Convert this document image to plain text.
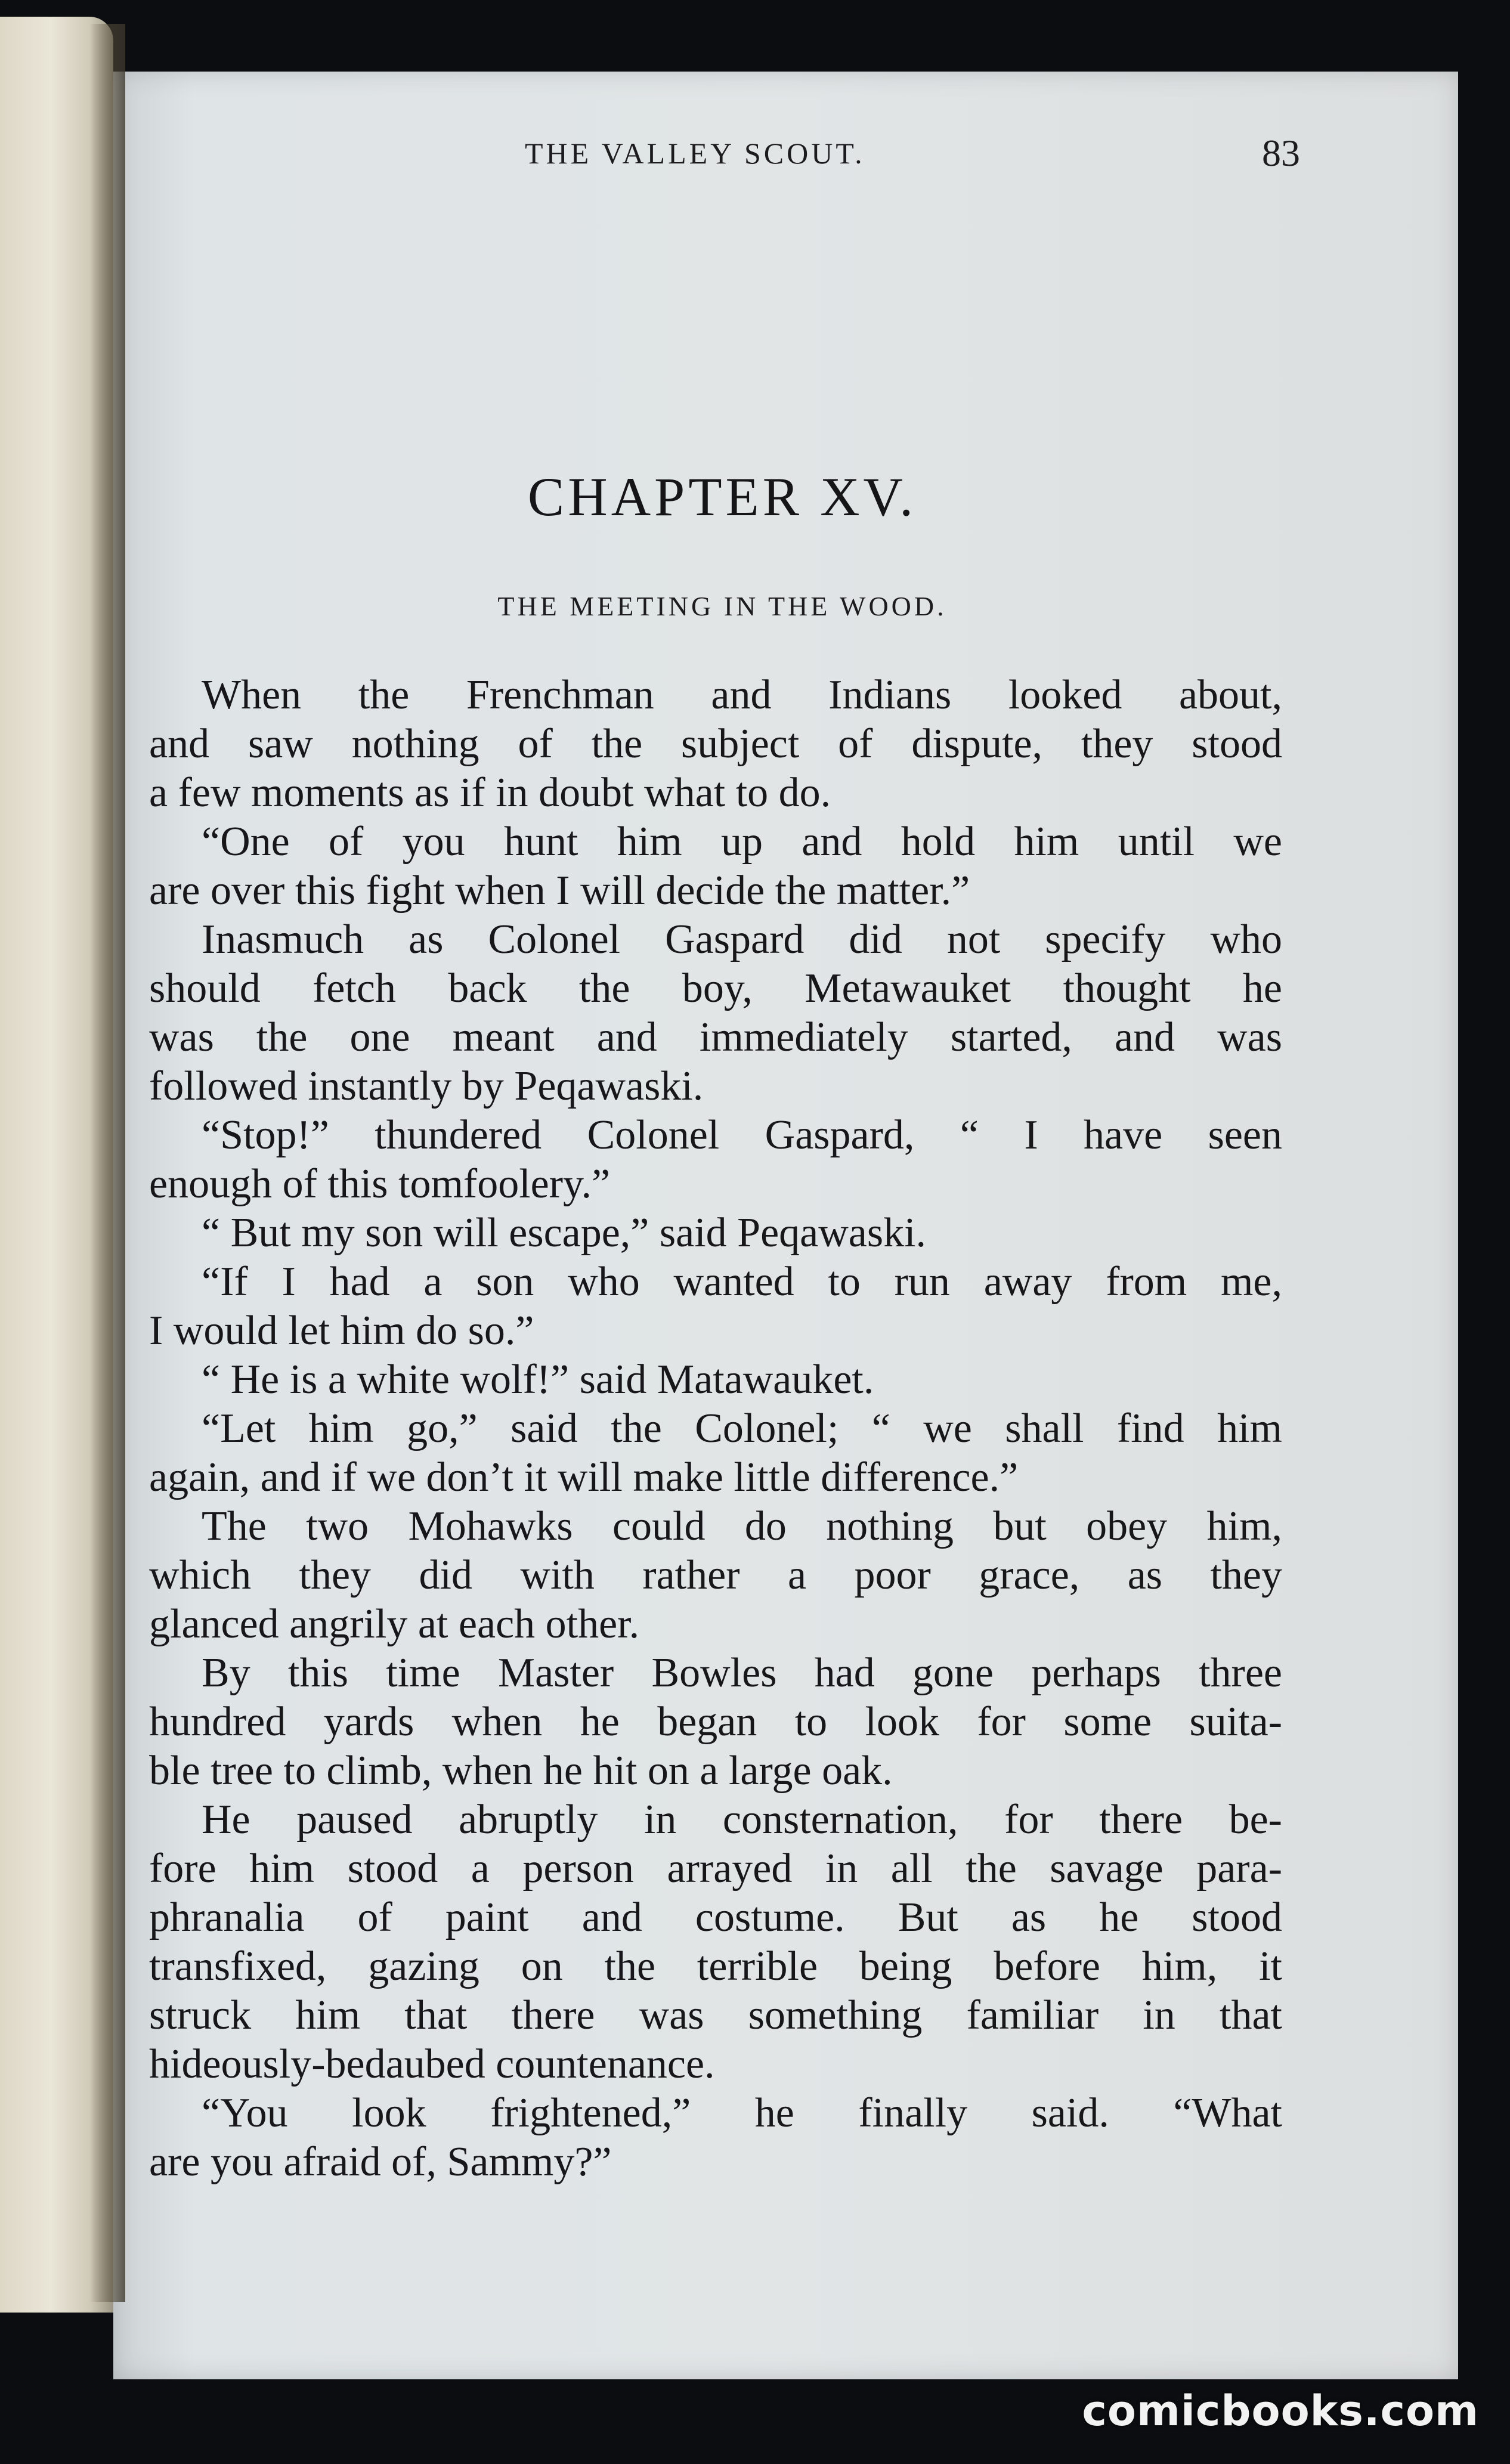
THE VALLEY SCOUT.	83
CHAPTER XV.
THE MEETING IN THE WOOD.
When the Frenchman and Indians looked about,
and saw nothing of the subject of dispute, they stood
a few moments as if in doubt what to do.
“One of you hunt him up and hold him until we
are over this fight when I will decide the matter.”
Inasmuch as Colonel Gaspard did not specify who
should fetch back the boy, Metawauket thought he
was the one meant and immediately started, and was
followed instantly by Peqawaski.
“Stop!” thundered Colonel Gaspard, “ I have seen
enough of this tomfoolery.”
“ But my son will escape,” said Peqawaski.
“If I had a son who wanted to run away from me,
I would let him do so.”
“ He is a white wolf!” said Matawauket.
“Let him go,” said the Colonel; “ we shall find him
again, and if we don’t it will make little difference.”
The two Mohawks could do nothing but obey him,
which they did with rather a poor grace, as they
glanced angrily at each other.
By this time Master Bowles had gone perhaps three
hundred yards when he began to look for some suita-
ble tree to climb, when he hit on a large oak.
He paused abruptly in consternation, for there be-
fore him stood a person arrayed in all the savage para-
phranalia of paint and costume. But as he stood
transfixed, gazing on the terrible being before him, it
struck him that there was something familiar in that
hideously-bedaubed countenance.
“You look frightened,” he finally said. “What
are you afraid of, Sammy?”
comicbooks.com
